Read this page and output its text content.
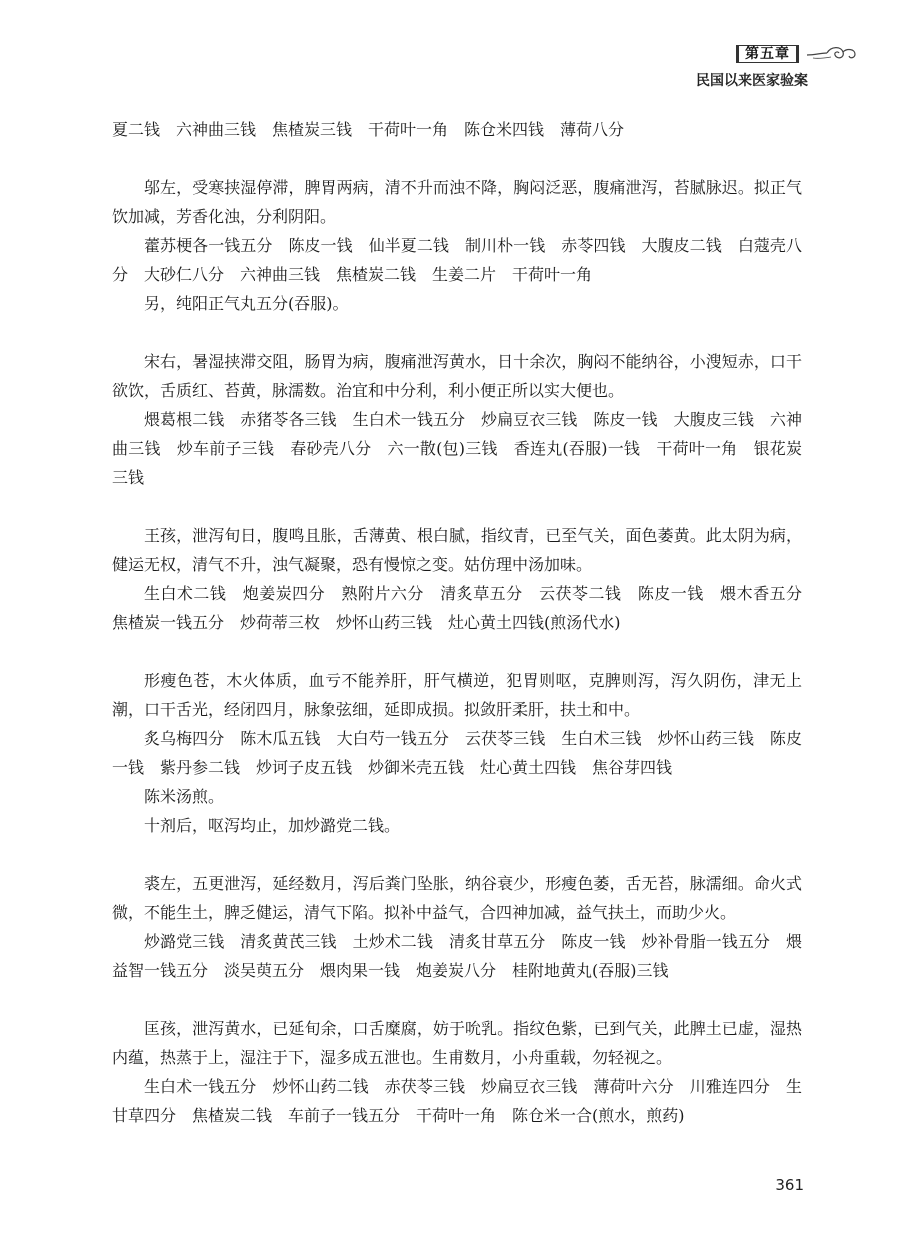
第五章
民国以来医家验案

夏二钱　六神曲三钱　焦楂炭三钱　干荷叶一角　陈仓米四钱　薄荷八分

邬左，受寒挟湿停滞，脾胃两病，清不升而浊不降，胸闷泛恶，腹痛泄泻，苔腻脉迟。拟正气饮加减，芳香化浊，分利阴阳。

藿苏梗各一钱五分　陈皮一钱　仙半夏二钱　制川朴一钱　赤苓四钱　大腹皮二钱　白蔻壳八分　大砂仁八分　六神曲三钱　焦楂炭二钱　生姜二片　干荷叶一角

另，纯阳正气丸五分(吞服)。

宋右，暑湿挟滞交阻，肠胃为病，腹痛泄泻黄水，日十余次，胸闷不能纳谷，小溲短赤，口干欲饮，舌质红、苔黄，脉濡数。治宜和中分利，利小便正所以实大便也。

煨葛根二钱　赤猪苓各三钱　生白术一钱五分　炒扁豆衣三钱　陈皮一钱　大腹皮三钱　六神曲三钱　炒车前子三钱　春砂壳八分　六一散(包)三钱　香连丸(吞服)一钱　干荷叶一角　银花炭三钱

王孩，泄泻旬日，腹鸣且胀，舌薄黄、根白腻，指纹青，已至气关，面色萎黄。此太阴为病，健运无权，清气不升，浊气凝聚，恐有慢惊之变。姑仿理中汤加味。

生白术二钱　炮姜炭四分　熟附片六分　清炙草五分　云茯苓二钱　陈皮一钱　煨木香五分　焦楂炭一钱五分　炒荷蒂三枚　炒怀山药三钱　灶心黄土四钱(煎汤代水)

形瘦色苍，木火体质，血亏不能养肝，肝气横逆，犯胃则呕，克脾则泻，泻久阴伤，津无上潮，口干舌光，经闭四月，脉象弦细，延即成损。拟敛肝柔肝，扶土和中。

炙乌梅四分　陈木瓜五钱　大白芍一钱五分　云茯苓三钱　生白术三钱　炒怀山药三钱　陈皮一钱　紫丹参二钱　炒诃子皮五钱　炒御米壳五钱　灶心黄土四钱　焦谷芽四钱

陈米汤煎。

十剂后，呕泻均止，加炒潞党二钱。

裘左，五更泄泻，延经数月，泻后粪门坠胀，纳谷衰少，形瘦色萎，舌无苔，脉濡细。命火式微，不能生土，脾乏健运，清气下陷。拟补中益气，合四神加减，益气扶土，而助少火。

炒潞党三钱　清炙黄芪三钱　土炒术二钱　清炙甘草五分　陈皮一钱　炒补骨脂一钱五分　煨益智一钱五分　淡吴萸五分　煨肉果一钱　炮姜炭八分　桂附地黄丸(吞服)三钱

匡孩，泄泻黄水，已延旬余，口舌糜腐，妨于吮乳。指纹色紫，已到气关，此脾土已虚，湿热内蕴，热蒸于上，湿注于下，湿多成五泄也。生甫数月，小舟重载，勿轻视之。

生白术一钱五分　炒怀山药二钱　赤茯苓三钱　炒扁豆衣三钱　薄荷叶六分　川雅连四分　生甘草四分　焦楂炭二钱　车前子一钱五分　干荷叶一角　陈仓米一合(煎水，煎药)

361
